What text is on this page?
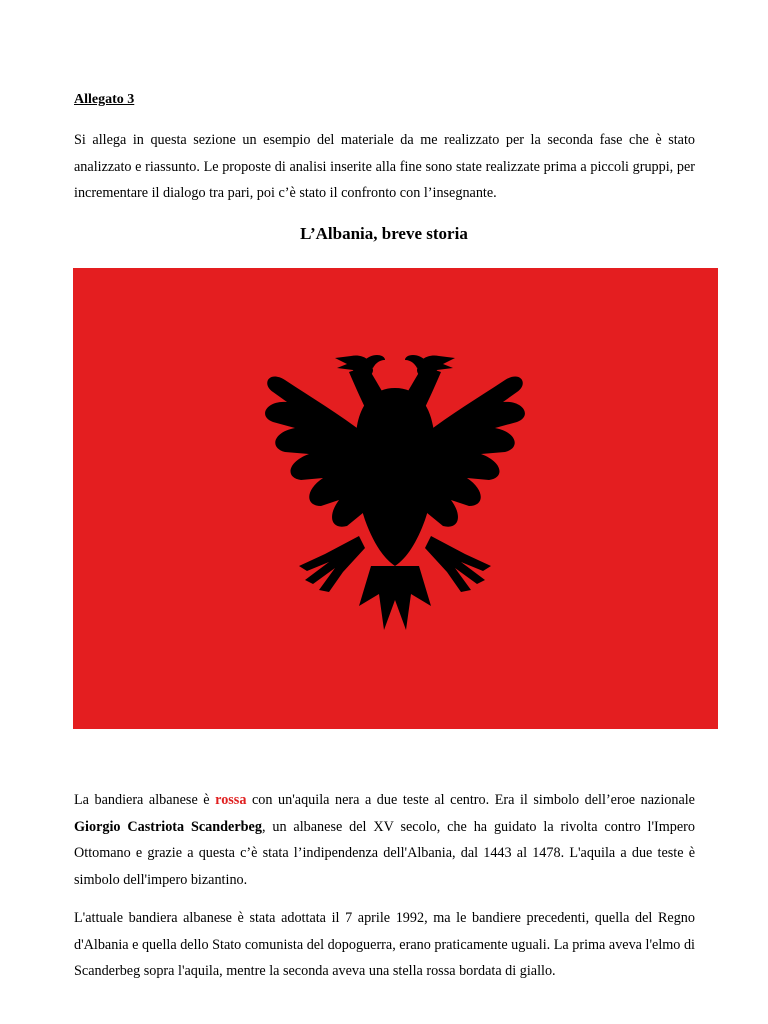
Allegato 3

Si allega in questa sezione un esempio del materiale da me realizzato per la seconda fase che è stato analizzato e riassunto. Le proposte di analisi inserite alla fine sono state realizzate prima a piccoli gruppi, per incrementare il dialogo tra pari, poi c’è stato il confronto con l’insegnante.

L’Albania, breve storia

La bandiera albanese è rossa con un'aquila nera a due teste al centro. Era il simbolo dell’eroe nazionale Giorgio Castriota Scanderbeg, un albanese del XV secolo, che ha guidato la rivolta contro l'Impero Ottomano e grazie a questa c’è stata l’indipendenza dell'Albania, dal 1443 al 1478. L'aquila a due teste è simbolo dell'impero bizantino.

L'attuale bandiera albanese è stata adottata il 7 aprile 1992, ma le bandiere precedenti, quella del Regno d'Albania e quella dello Stato comunista del dopoguerra, erano praticamente uguali. La prima aveva l'elmo di Scanderbeg sopra l'aquila, mentre la seconda aveva una stella rossa bordata di giallo.
